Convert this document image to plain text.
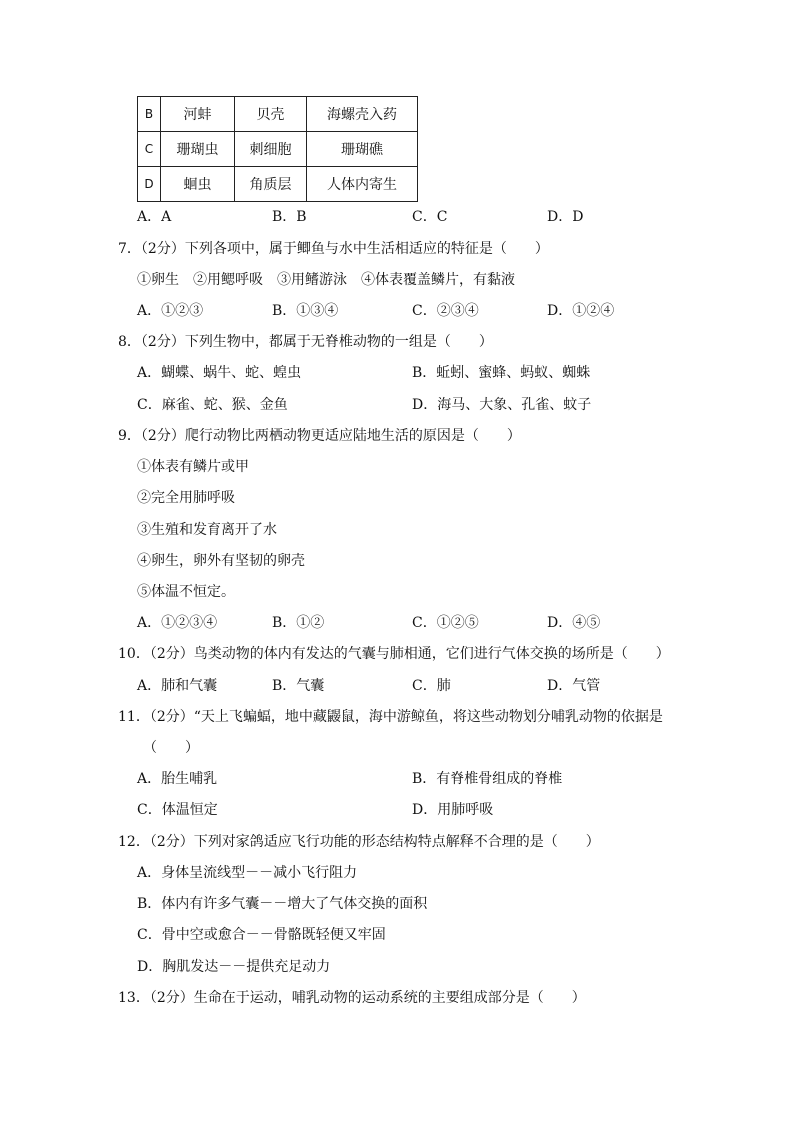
B	河蚌	贝壳	海螺壳入药
C	珊瑚虫	刺细胞	珊瑚礁
D	蛔虫	角质层	人体内寄生
A．A	B．B	C．C	D．D
7．（2分）下列各项中，属于鲫鱼与水中生活相适应的特征是（　　）
①卵生　②用鳃呼吸　③用鳍游泳　④体表覆盖鳞片，有黏液
A．①②③	B．①③④	C．②③④	D．①②④
8．（2分）下列生物中，都属于无脊椎动物的一组是（　　）
A．蝴蝶、蜗牛、蛇、蝗虫	B．蚯蚓、蜜蜂、蚂蚁、蜘蛛
C．麻雀、蛇、猴、金鱼	D．海马、大象、孔雀、蚊子
9．（2分）爬行动物比两栖动物更适应陆地生活的原因是（　　）
①体表有鳞片或甲
②完全用肺呼吸
③生殖和发育离开了水
④卵生，卵外有坚韧的卵壳
⑤体温不恒定。
A．①②③④	B．①②	C．①②⑤	D．④⑤
10．（2分）鸟类动物的体内有发达的气囊与肺相通，它们进行气体交换的场所是（　　）
A．肺和气囊	B．气囊	C．肺	D．气管
11．（2分）“天上飞蝙蝠，地中藏鼹鼠，海中游鲸鱼，将这些动物划分哺乳动物的依据是
（　　）
A．胎生哺乳	B．有脊椎骨组成的脊椎
C．体温恒定	D．用肺呼吸
12．（2分）下列对家鸽适应飞行功能的形态结构特点解释不合理的是（　　）
A．身体呈流线型－－减小飞行阻力
B．体内有许多气囊－－增大了气体交换的面积
C．骨中空或愈合－－骨骼既轻便又牢固
D．胸肌发达－－提供充足动力
13．（2分）生命在于运动，哺乳动物的运动系统的主要组成部分是（　　）
